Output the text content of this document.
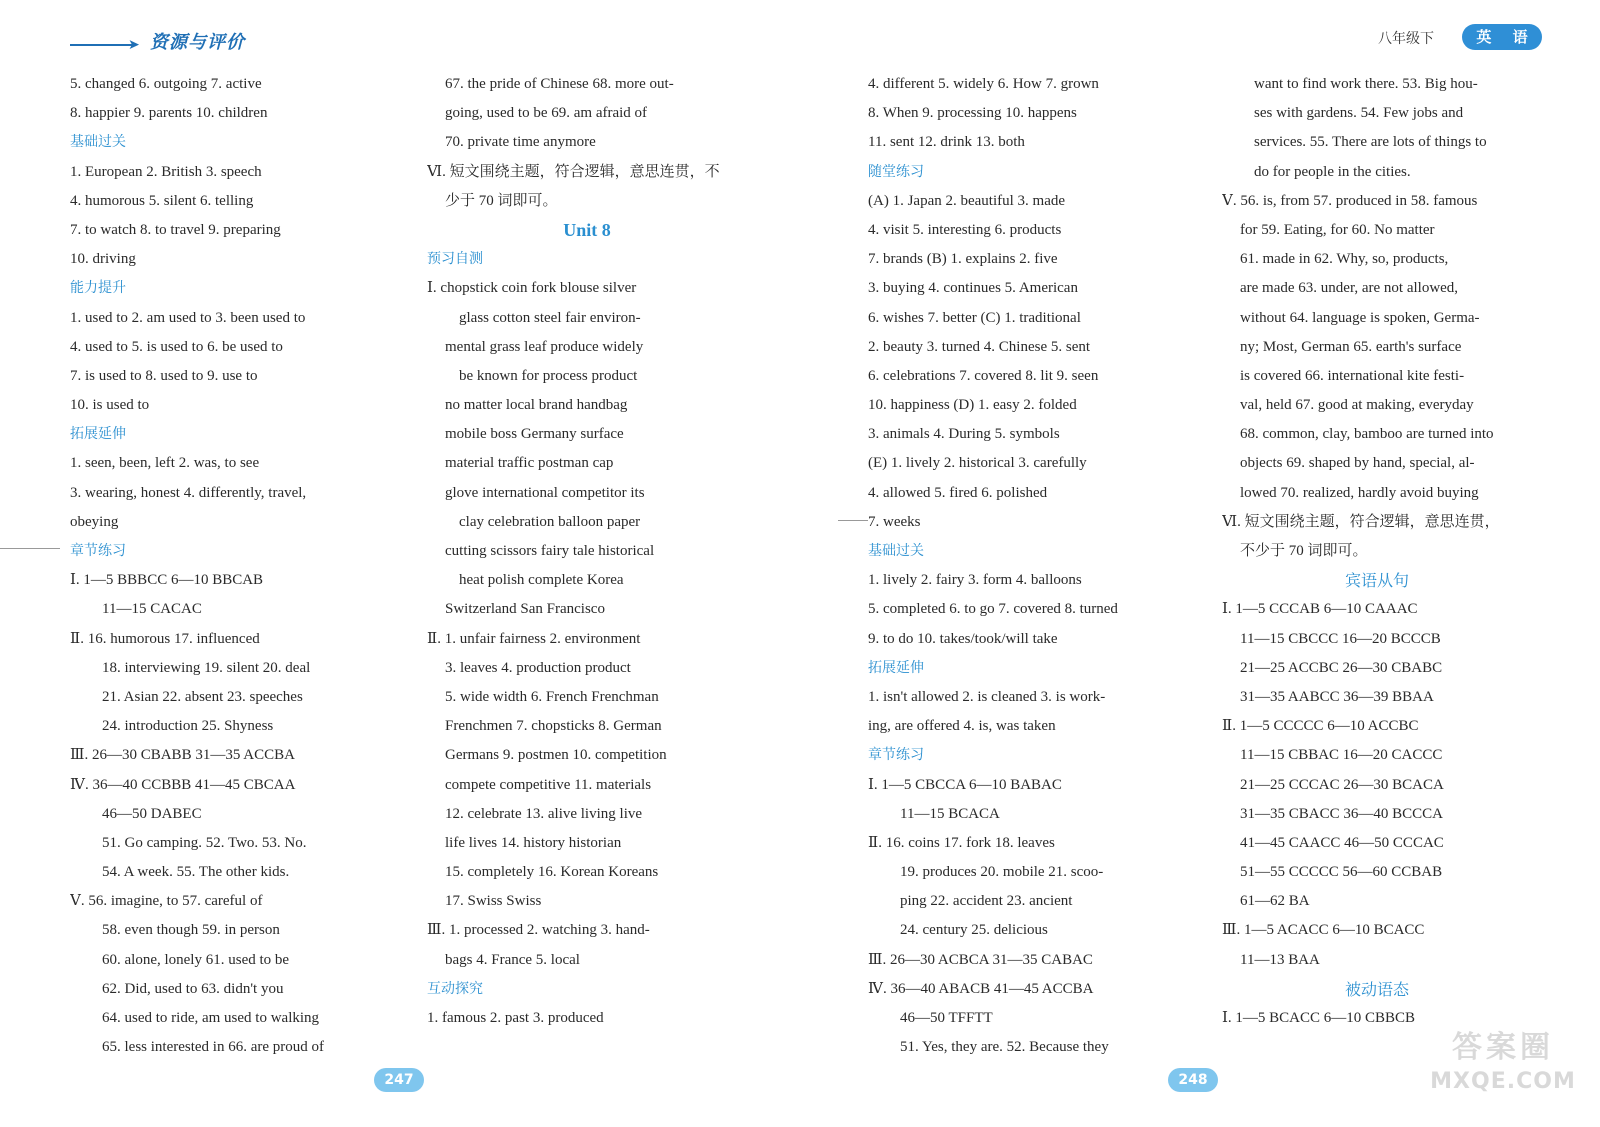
➤ 资源与评价	八年级下	英 语
5. changed 6. outgoing 7. active
8. happier 9. parents 10. children
基础过关
1. European 2. British 3. speech
4. humorous 5. silent 6. telling
7. to watch 8. to travel 9. preparing
10. driving
能力提升
1. used to 2. am used to 3. been used to
4. used to 5. is used to 6. be used to
7. is used to 8. used to 9. use to
10. is used to
拓展延伸
1. seen, been, left 2. was, to see
3. wearing, honest 4. differently, travel,
obeying
章节练习
Ⅰ. 1—5 BBBCC 6—10 BBCAB
11—15 CACAC
Ⅱ. 16. humorous 17. influenced
18. interviewing 19. silent 20. deal
21. Asian 22. absent 23. speeches
24. introduction 25. Shyness
Ⅲ. 26—30 CBABB 31—35 ACCBA
Ⅳ. 36—40 CCBBB 41—45 CBCAA
46—50 DABEC
51. Go camping. 52. Two. 53. No.
54. A week. 55. The other kids.
Ⅴ. 56. imagine, to 57. careful of
58. even though 59. in person
60. alone, lonely 61. used to be
62. Did, used to 63. didn't you
64. used to ride, am used to walking
65. less interested in 66. are proud of
67. the pride of Chinese 68. more out-
going, used to be 69. am afraid of
70. private time anymore
Ⅵ. 短文围绕主题，符合逻辑，意思连贯，不
少于 70 词即可。
Unit 8
预习自测
Ⅰ. chopstick coin fork blouse silver
glass cotton steel fair environ-
mental grass leaf produce widely
be known for process product
no matter local brand handbag
mobile boss Germany surface
material traffic postman cap
glove international competitor its
clay celebration balloon paper
cutting scissors fairy tale historical
heat polish complete Korea
Switzerland San Francisco
Ⅱ. 1. unfair fairness 2. environment
3. leaves 4. production product
5. wide width 6. French Frenchman
Frenchmen 7. chopsticks 8. German
Germans 9. postmen 10. competition
compete competitive 11. materials
12. celebrate 13. alive living live
life lives 14. history historian
15. completely 16. Korean Koreans
17. Swiss Swiss
Ⅲ. 1. processed 2. watching 3. hand-
bags 4. France 5. local
互动探究
1. famous 2. past 3. produced
4. different 5. widely 6. How 7. grown
8. When 9. processing 10. happens
11. sent 12. drink 13. both
随堂练习
(A) 1. Japan 2. beautiful 3. made
4. visit 5. interesting 6. products
7. brands (B) 1. explains 2. five
3. buying 4. continues 5. American
6. wishes 7. better (C) 1. traditional
2. beauty 3. turned 4. Chinese 5. sent
6. celebrations 7. covered 8. lit 9. seen
10. happiness (D) 1. easy 2. folded
3. animals 4. During 5. symbols
(E) 1. lively 2. historical 3. carefully
4. allowed 5. fired 6. polished
7. weeks
基础过关
1. lively 2. fairy 3. form 4. balloons
5. completed 6. to go 7. covered 8. turned
9. to do 10. takes/took/will take
拓展延伸
1. isn't allowed 2. is cleaned 3. is work-
ing, are offered 4. is, was taken
章节练习
Ⅰ. 1—5 CBCCA 6—10 BABAC
11—15 BCACA
Ⅱ. 16. coins 17. fork 18. leaves
19. produces 20. mobile 21. scoo-
ping 22. accident 23. ancient
24. century 25. delicious
Ⅲ. 26—30 ACBCA 31—35 CABAC
Ⅳ. 36—40 ABACB 41—45 ACCBA
46—50 TFFTT
51. Yes, they are. 52. Because they
want to find work there. 53. Big hou-
ses with gardens. 54. Few jobs and
services. 55. There are lots of things to
do for people in the cities.
Ⅴ. 56. is, from 57. produced in 58. famous
for 59. Eating, for 60. No matter
61. made in 62. Why, so, products,
are made 63. under, are not allowed,
without 64. language is spoken, Germa-
ny; Most, German 65. earth's surface
is covered 66. international kite festi-
val, held 67. good at making, everyday
68. common, clay, bamboo are turned into
objects 69. shaped by hand, special, al-
lowed 70. realized, hardly avoid buying
Ⅵ. 短文围绕主题，符合逻辑，意思连贯，
不少于 70 词即可。
宾语从句
Ⅰ. 1—5 CCCAB 6—10 CAAAC
11—15 CBCCC 16—20 BCCCB
21—25 ACCBC 26—30 CBABC
31—35 AABCC 36—39 BBAA
Ⅱ. 1—5 CCCCC 6—10 ACCBC
11—15 CBBAC 16—20 CACCC
21—25 CCCAC 26—30 BCACA
31—35 CBACC 36—40 BCCCA
41—45 CAACC 46—50 CCCAC
51—55 CCCCC 56—60 CCBAB
61—62 BA
Ⅲ. 1—5 ACACC 6—10 BCACC
11—13 BAA
被动语态
Ⅰ. 1—5 BCACC 6—10 CBBCB
247	248
答案圈
MXQE.COM
